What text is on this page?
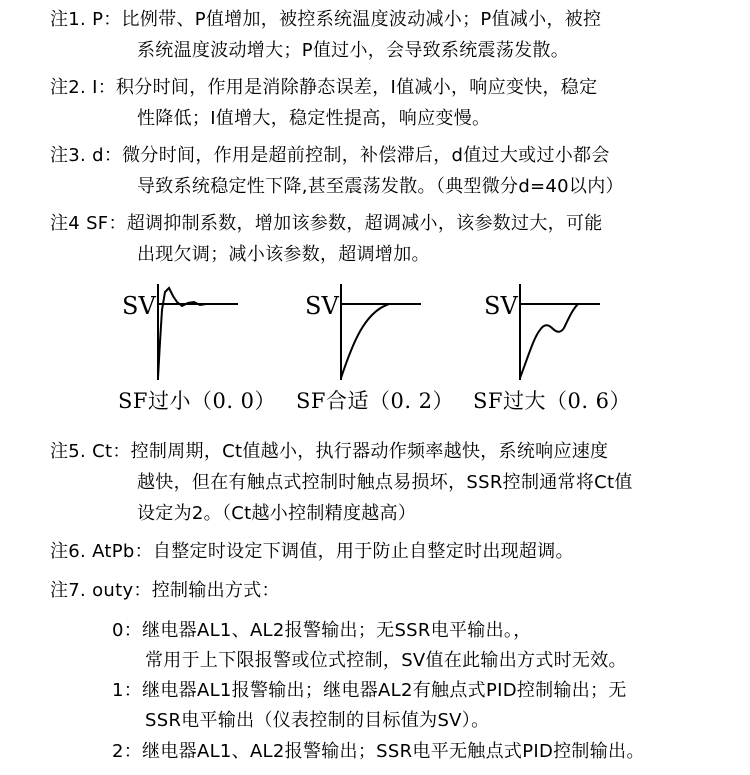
注1. P：比例带、P值增加，被控系统温度波动减小；P值减小，被控
系统温度波动增大；P值过小，会导致系统震荡发散。
注2. I：积分时间，作用是消除静态误差，I值减小，响应变快，稳定
性降低；I值增大，稳定性提高，响应变慢。
注3. d：微分时间，作用是超前控制，补偿滞后，d值过大或过小都会
导致系统稳定性下降,甚至震荡发散。（典型微分d=40以内）
注4 SF：超调抑制系数，增加该参数，超调减小，该参数过大，可能
出现欠调；减小该参数，超调增加。
SV	SV	SV
SF过小（0. 0） SF合适（0. 2） SF过大（0. 6）
注5. Ct：控制周期，Ct值越小，执行器动作频率越快，系统响应速度
越快，但在有触点式控制时触点易损坏，SSR控制通常将Ct值
设定为2。（Ct越小控制精度越高）
注6. AtPb：自整定时设定下调值，用于防止自整定时出现超调。
注7. outy：控制输出方式：
0：继电器AL1、AL2报警输出；无SSR电平输出。，
常用于上下限报警或位式控制，SV值在此输出方式时无效。
1：继电器AL1报警输出；继电器AL2有触点式PID控制输出；无
SSR电平输出（仪表控制的目标值为SV）。
2：继电器AL1、AL2报警输出；SSR电平无触点式PID控制输出。
